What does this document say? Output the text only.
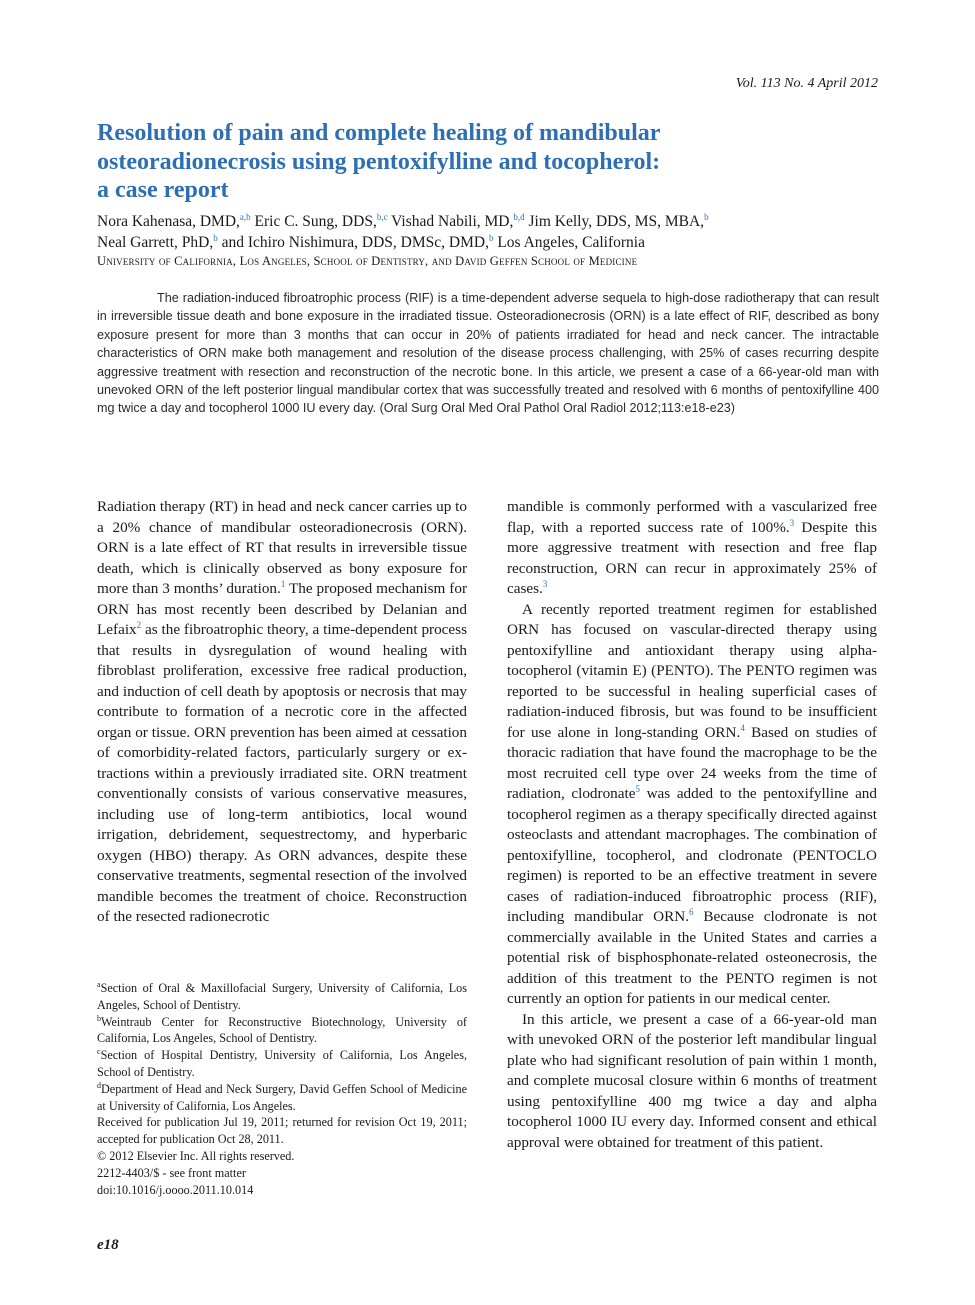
Vol. 113 No. 4 April 2012
Resolution of pain and complete healing of mandibular
osteoradionecrosis using pentoxifylline and tocopherol:
a case report
Nora Kahenasa, DMD,$^{a,b}$ Eric C. Sung, DDS,$^{b,c}$ Vishad Nabili, MD,$^{b,d}$ Jim Kelly, DDS, MS, MBA,$^b$
Neal Garrett, PhD,$^b$ and Ichiro Nishimura, DDS, DMSc, DMD,$^b$ Los Angeles, California
University of California, Los Angeles, School of Dentistry, and David Geffen School of Medicine

The radiation-induced fibroatrophic process (RIF) is a time-dependent adverse sequela to high-dose radiotherapy that can result in irreversible tissue death and bone exposure in the irradiated tissue. Osteoradionecrosis (ORN) is a late effect of RIF, described as bony exposure present for more than 3 months that can occur in 20% of patients irradiated for head and neck cancer. The intractable characteristics of ORN make both management and resolution of the disease process challenging, with 25% of cases recurring despite aggressive treatment with resection and reconstruction of the necrotic bone. In this article, we present a case of a 66-year-old man with unevoked ORN of the left posterior lingual mandibular cortex that was successfully treated and resolved with 6 months of pentoxifylline 400 mg twice a day and tocopherol 1000 IU every day. (Oral Surg Oral Med Oral Pathol Oral Radiol 2012;113:e18-e23)

Radiation therapy (RT) in head and neck cancer carries up to a 20% chance of mandibular osteoradionecrosis (ORN). ORN is a late effect of RT that results in irreversible tissue death, which is clinically observed as bony exposure for more than 3 months’ duration.$^1$ The proposed mechanism for ORN has most recently been described by Delanian and Lefaix$^2$ as the fibroatrophic theory, a time-dependent process that results in dysregulation of wound healing with fibroblast proliferation, excessive free radical production, and induction of cell death by apoptosis or necrosis that may contribute to formation of a necrotic core in the affected organ or tissue. ORN prevention has been aimed at cessation of comorbidity-related factors, particularly surgery or extractions within a previously irradiated site. ORN treatment conventionally consists of various conservative measures, including use of long-term antibiotics, local wound irrigation, debridement, sequestrectomy, and hyperbaric oxygen (HBO) therapy. As ORN advances, despite these conservative treatments, segmental resection of the involved mandible becomes the treatment of choice. Reconstruction of the resected radionecrotic

$^a$Section of Oral & Maxillofacial Surgery, University of California, Los Angeles, School of Dentistry.

$^b$Weintraub Center for Reconstructive Biotechnology, University of California, Los Angeles, School of Dentistry.

$^c$Section of Hospital Dentistry, University of California, Los Angeles, School of Dentistry.

$^d$Department of Head and Neck Surgery, David Geffen School of Medicine at University of California, Los Angeles.

Received for publication Jul 19, 2011; returned for revision Oct 19, 2011; accepted for publication Oct 28, 2011.

© 2012 Elsevier Inc. All rights reserved.

2212-4403/$ - see front matter

doi:10.1016/j.oooo.2011.10.014

mandible is commonly performed with a vascularized free flap, with a reported success rate of 100%.$^3$ Despite this more aggressive treatment with resection and free flap reconstruction, ORN can recur in approximately 25% of cases.$^3$

A recently reported treatment regimen for established ORN has focused on vascular-directed therapy using pentoxifylline and antioxidant therapy using alpha-tocopherol (vitamin E) (PENTO). The PENTO regimen was reported to be successful in healing superficial cases of radiation-induced fibrosis, but was found to be insufficient for use alone in long-standing ORN.$^4$ Based on studies of thoracic radiation that have found the macrophage to be the most recruited cell type over 24 weeks from the time of radiation, clodronate$^5$ was added to the pentoxifylline and tocopherol regimen as a therapy specifically directed against osteoclasts and attendant macrophages. The combination of pentoxifylline, tocopherol, and clodronate (PENTOCLO regimen) is reported to be an effective treatment in severe cases of radiation-induced fibroatrophic process (RIF), including mandibular ORN.$^6$ Because clodronate is not commercially available in the United States and carries a potential risk of bisphosphonate-related osteonecrosis, the addition of this treatment to the PENTO regimen is not currently an option for patients in our medical center.

In this article, we present a case of a 66-year-old man with unevoked ORN of the posterior left mandibular lingual plate who had significant resolution of pain within 1 month, and complete mucosal closure within 6 months of treatment using pentoxifylline 400 mg twice a day and alpha tocopherol 1000 IU every day. Informed consent and ethical approval were obtained for treatment of this patient.

e18
